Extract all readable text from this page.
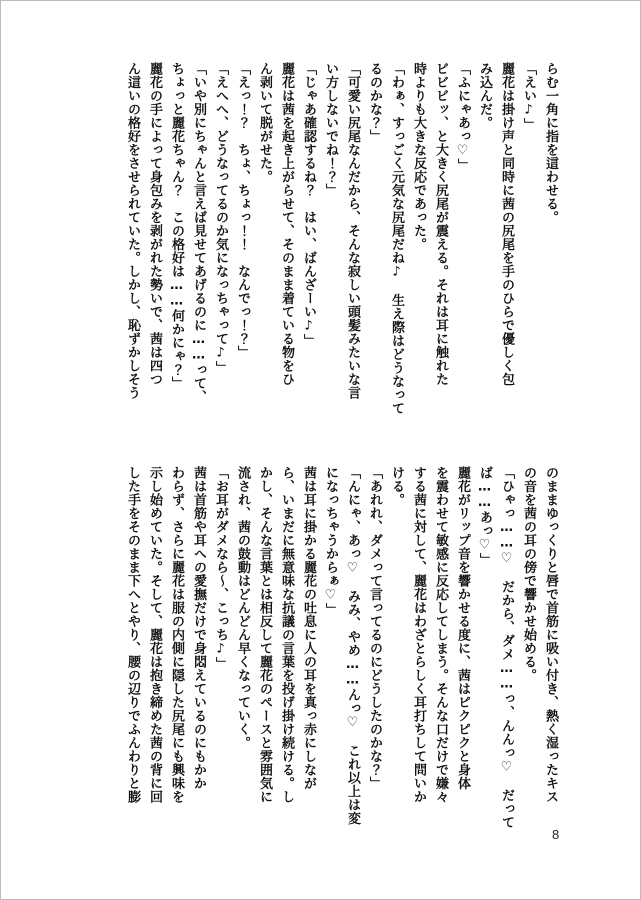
らむ一角に指を這わせる。

「えい♪」

麗花は掛け声と同時に茜の尻尾を手のひらで優しく包

み込んだ。

「ふにゃあっ♡」

ビビビッ、と大きく尻尾が震える。それは耳に触れた

時よりも大きな反応であった。

「わぁ、すっごく元気な尻尾だね♪　生え際はどうなって

るのかな？」

「可愛い尻尾なんだから、そんな寂しい頭髪みたいな言

い方しないでね！？」

「じゃあ確認するね？　はい、ばんざーい♪」

麗花は茜を起き上がらせて、そのまま着ている物をひ

ん剥いて脱がせた。

「えっ！？　ちょ、ちょっ！！　なんでっ！？」

「えへへ、どうなってるのか気になっちゃって♪」

「いや別にちゃんと言えば見せてあげるのに……って、

ちょっと麗花ちゃん？　この格好は……何かにゃ？」

麗花の手によって身包みを剥がれた勢いで、茜は四つ

ん這いの格好をさせられていた。しかし、恥ずかしそう

のままゆっくりと唇で首筋に吸い付き、熱く湿ったキス

の音を茜の耳の傍で響かせ始める。

「ひゃっ……♡　だから、ダメ……っ、んんっ♡　だって

ば……あっ♡」

麗花がリップ音を響かせる度に、茜はピクピクと身体

を震わせて敏感に反応してしまう。そんな口だけで嫌々

する茜に対して、麗花はわざとらしく耳打ちして問いか

ける。

「あれれ、ダメって言ってるのにどうしたのかな？」

「んにゃ、あっ♡　みみ、やめ……んっ♡　これ以上は変

になっちゃうからぁ♡」

茜は耳に掛かる麗花の吐息に人の耳を真っ赤にしなが

ら、いまだに無意味な抗議の言葉を投げ掛け続ける。し

かし、そんな言葉とは相反して麗花のペースと雰囲気に

流され、茜の鼓動はどんどん早くなっていく。

「お耳がダメなら～、こっち♪」

茜は首筋や耳への愛撫だけで身悶えているのにもかか

わらず、さらに麗花は服の内側に隠した尻尾にも興味を

示し始めていた。そして、麗花は抱き締めた茜の背に回

した手をそのまま下へとやり、腰の辺りでふんわりと膨

8
